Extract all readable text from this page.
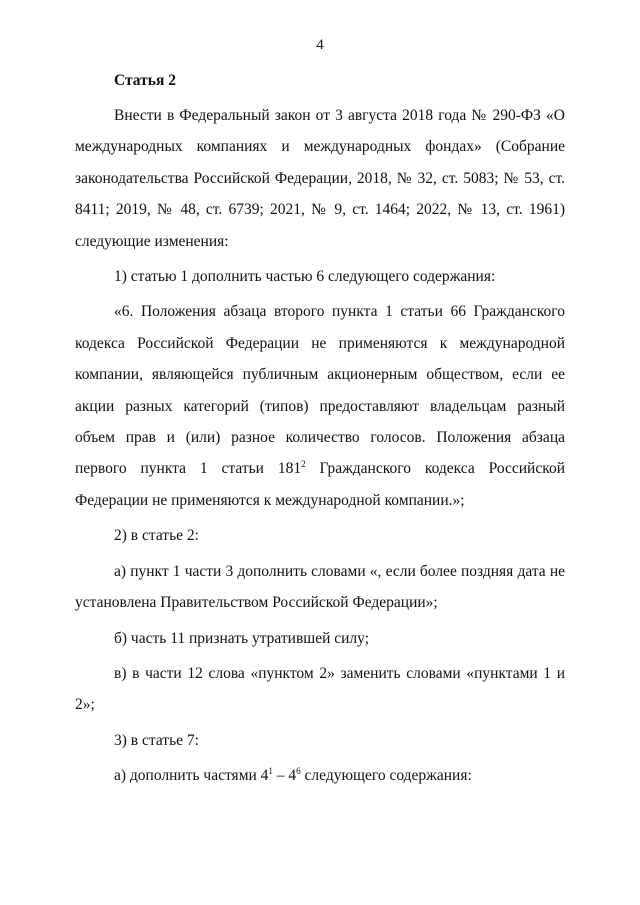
4
Статья 2

Внести в Федеральный закон от 3 августа 2018 года № 290-ФЗ «О международных компаниях и международных фондах» (Собрание законодательства Российской Федерации, 2018, № 32, ст. 5083; № 53, ст. 8411; 2019, № 48, ст. 6739; 2021, № 9, ст. 1464; 2022, № 13, ст. 1961) следующие изменения:

1) статью 1 дополнить частью 6 следующего содержания:

«6. Положения абзаца второго пункта 1 статьи 66 Гражданского кодекса Российской Федерации не применяются к международной компании, являющейся публичным акционерным обществом, если ее акции разных категорий (типов) предоставляют владельцам разный объем прав и (или) разное количество голосов. Положения абзаца первого пункта 1 статьи $181^2$ Гражданского кодекса Российской Федерации не применяются к международной компании.»;

2) в статье 2:

а) пункт 1 части 3 дополнить словами «, если более поздняя дата не установлена Правительством Российской Федерации»;

б) часть 11 признать утратившей силу;

в) в части 12 слова «пунктом 2» заменить словами «пунктами 1 и 2»;

3) в статье 7:

а) дополнить частями $4^1 - 4^6$ следующего содержания:
